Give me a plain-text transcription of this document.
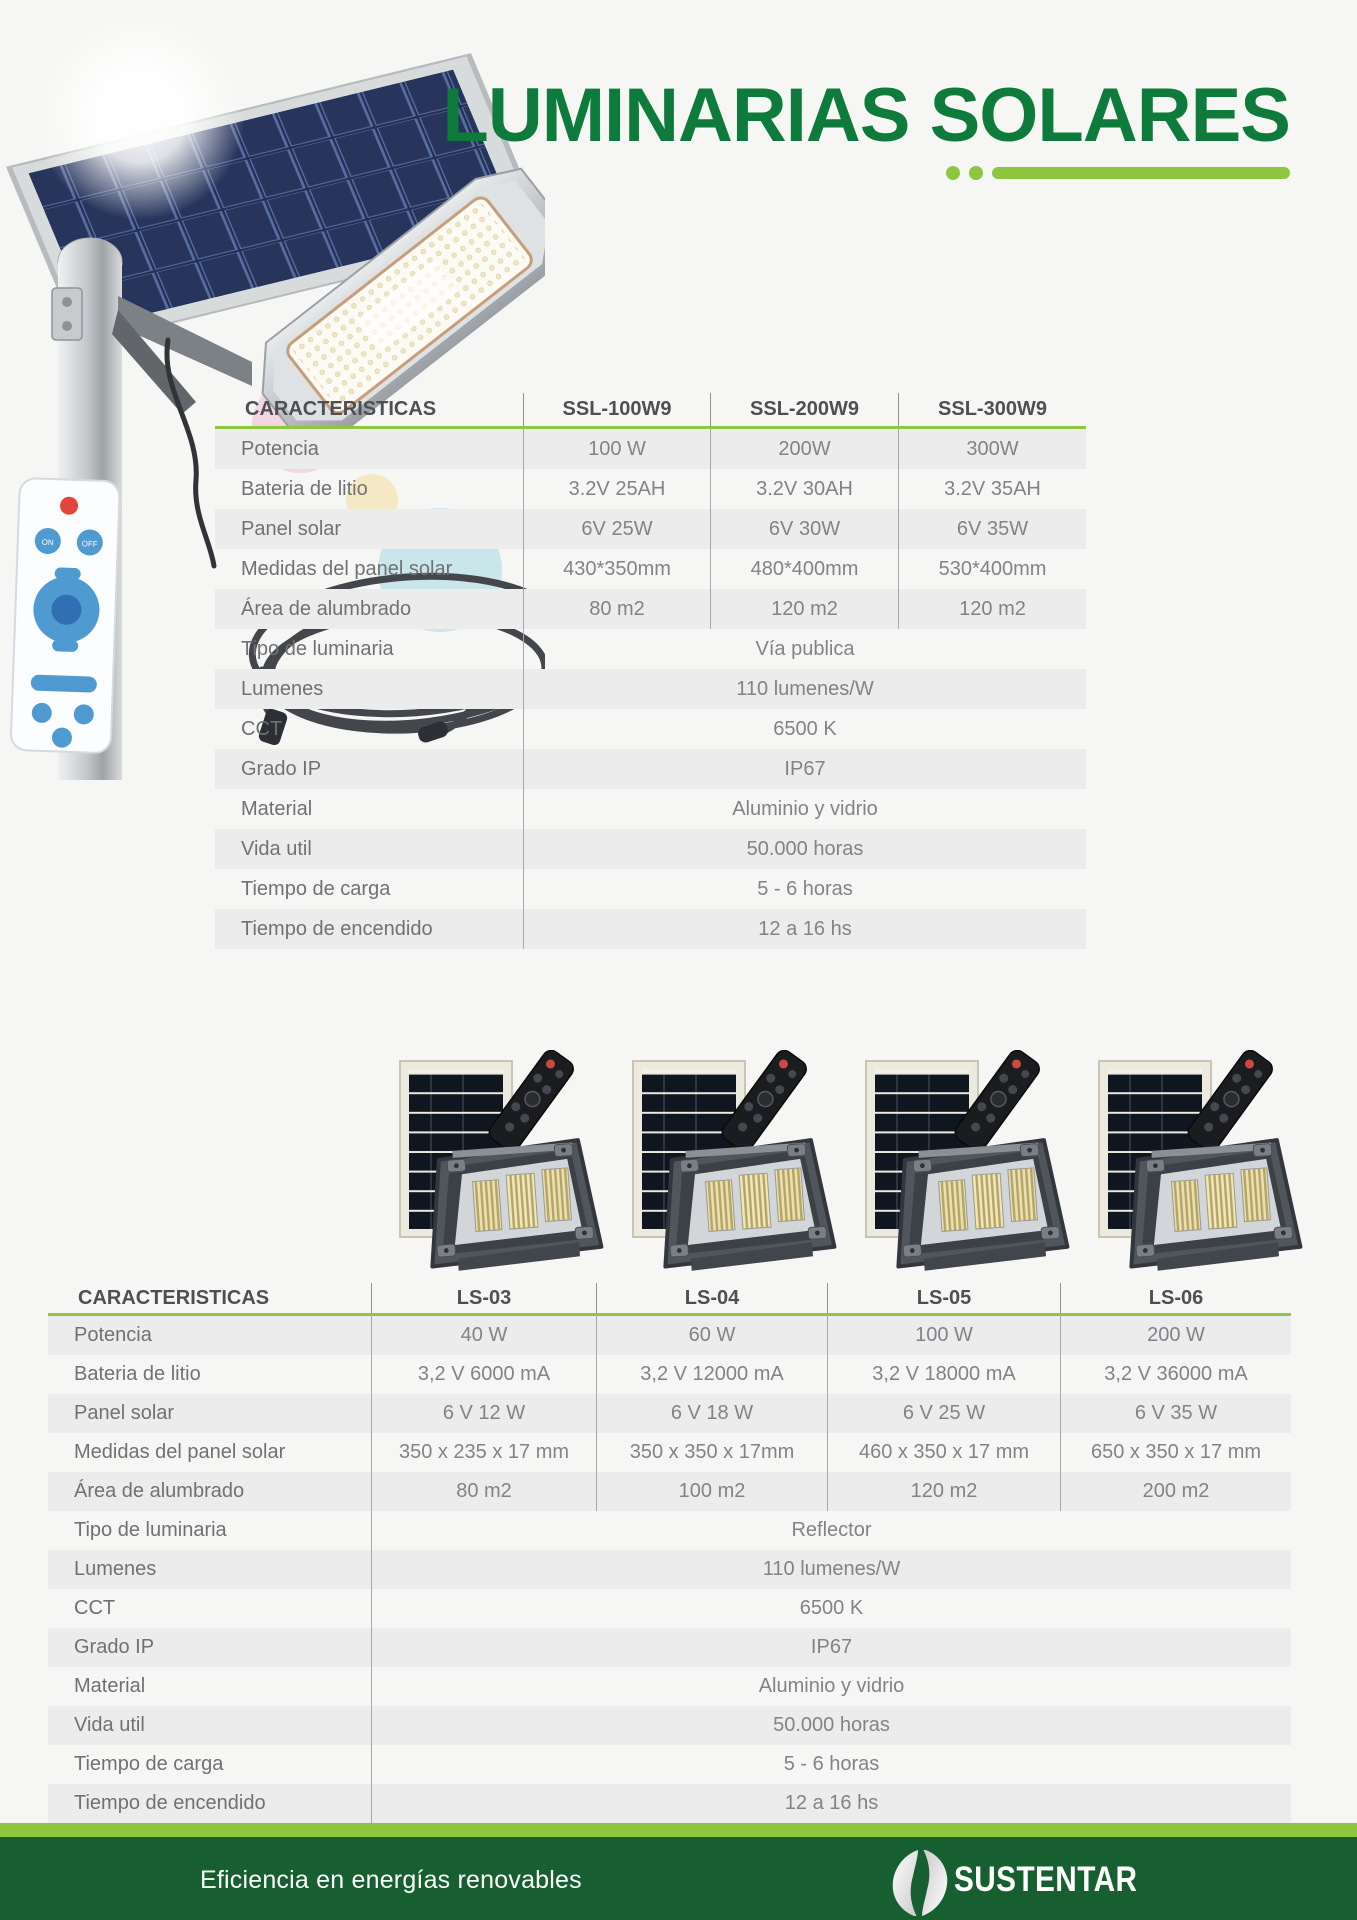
ON	OFF
LUMINARIAS SOLARES
CARACTERISTICAS	SSL-100W9	SSL-200W9	SSL-300W9
Potencia	100 W	200W	300W
Bateria de litio	3.2V 25AH	3.2V 30AH	3.2V 35AH
Panel solar	6V 25W	6V 30W	6V 35W
Medidas del panel solar	430*350mm	480*400mm	530*400mm
Área de alumbrado	80 m2	120 m2	120 m2
Tipo de luminaria	Vía publica
Lumenes	110 lumenes/W
CCT	6500 K
Grado IP	IP67
Material	Aluminio y vidrio
Vida util	50.000 horas
Tiempo de carga	5 - 6 horas
Tiempo de encendido	12 a 16 hs
CARACTERISTICAS	LS-03	LS-04	LS-05	LS-06
Potencia	40 W	60 W	100 W	200 W
Bateria de litio	3,2 V 6000 mA	3,2 V 12000 mA	3,2 V 18000 mA	3,2 V 36000 mA
Panel solar	6 V 12 W	6 V 18 W	6 V 25 W	6 V 35 W
Medidas del panel solar	350 x 235 x 17 mm	350 x 350 x 17mm	460 x 350 x 17 mm	650 x 350 x 17 mm
Área de alumbrado	80 m2	100 m2	120 m2	200 m2
Tipo de luminaria	Reflector
Lumenes	110 lumenes/W
CCT	6500 K
Grado IP	IP67
Material	Aluminio y vidrio
Vida util	50.000 horas
Tiempo de carga	5 - 6 horas
Tiempo de encendido	12 a 16 hs

Eficiencia en energías renovables	SUSTENTAR
